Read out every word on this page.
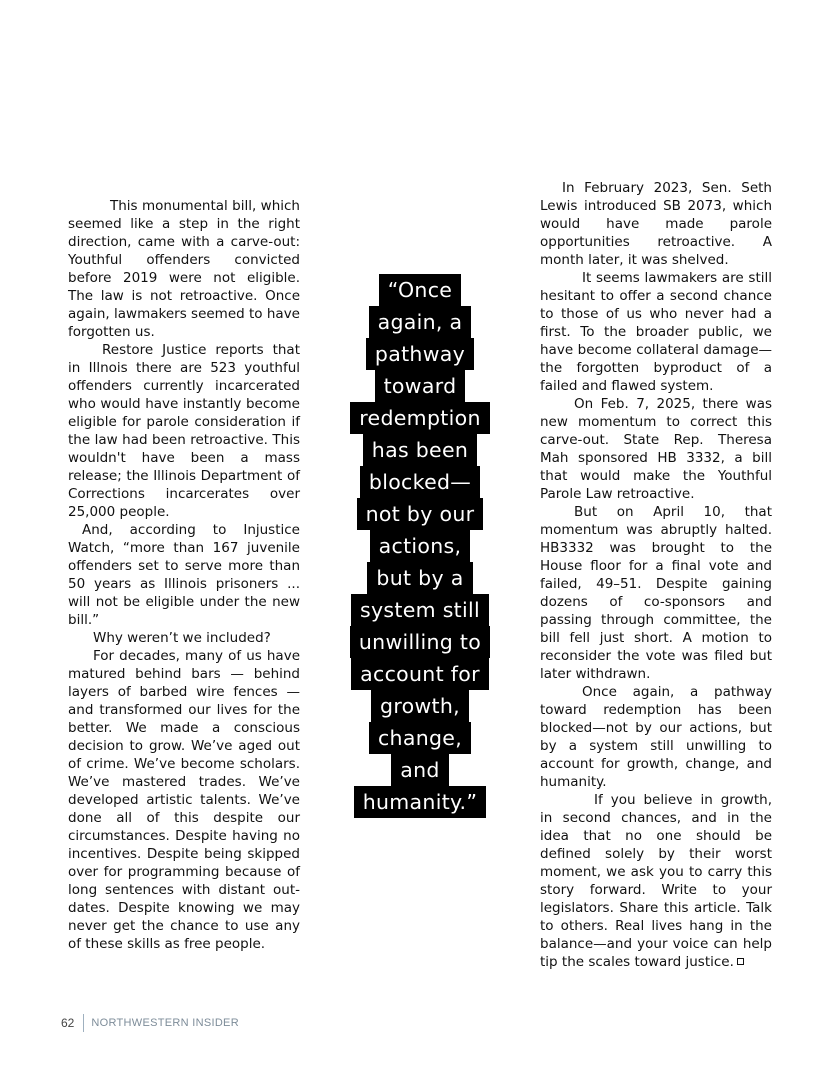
This monumental bill, which seemed like a step in the right direction, came with a carve-out: Youthful offenders convicted before 2019 were not eligible. The law is not retroactive. Once again, lawmakers seemed to have forgotten us.

Restore Justice reports that in Illnois there are 523 youthful offenders currently incarcerated who would have instantly become eligible for parole consideration if the law had been retroactive. This wouldn't have been a mass release; the Illinois Department of Corrections incarcerates over 25,000 people.

And, according to Injustice Watch, “more than 167 juvenile offenders set to serve more than 50 years as Illinois prisoners ... will not be eligible under the new bill.”

Why weren’t we included?

For decades, many of us have matured behind bars — behind layers of barbed wire fences — and transformed our lives for the better. We made a conscious decision to grow. We’ve aged out of crime. We’ve become scholars. We’ve mastered trades. We’ve developed artistic talents. We’ve done all of this despite our circumstances. Despite having no incentives. Despite being skipped over for programming because of long sentences with distant out-dates. Despite knowing we may never get the chance to use any of these skills as free people.

“Once
again, a
pathway
toward
redemption
has been
blocked—
not by our
actions,
but by a
system still
unwilling to
account for
growth,
change,
and
humanity.”

In February 2023, Sen. Seth Lewis introduced SB 2073, which would have made parole opportunities retroactive. A month later, it was shelved.

It seems lawmakers are still hesitant to offer a second chance to those of us who never had a first. To the broader public, we have become collateral damage—the forgotten byproduct of a failed and flawed system.

On Feb. 7, 2025, there was new momentum to correct this carve-out. State Rep. Theresa Mah sponsored HB 3332, a bill that would make the Youthful Parole Law retroactive.

But on April 10, that momentum was abruptly halted. HB3332 was brought to the House floor for a final vote and failed, 49–51. Despite gaining dozens of co-sponsors and passing through committee, the bill fell just short. A motion to reconsider the vote was filed but later withdrawn.

Once again, a pathway toward redemption has been blocked—not by our actions, but by a system still unwilling to account for growth, change, and humanity.

If you believe in growth, in second chances, and in the idea that no one should be defined solely by their worst moment, we ask you to carry this story forward. Write to your legislators. Share this article. Talk to others. Real lives hang in the balance—and your voice can help tip the scales toward justice.

62 NORTHWESTERN INSIDER
